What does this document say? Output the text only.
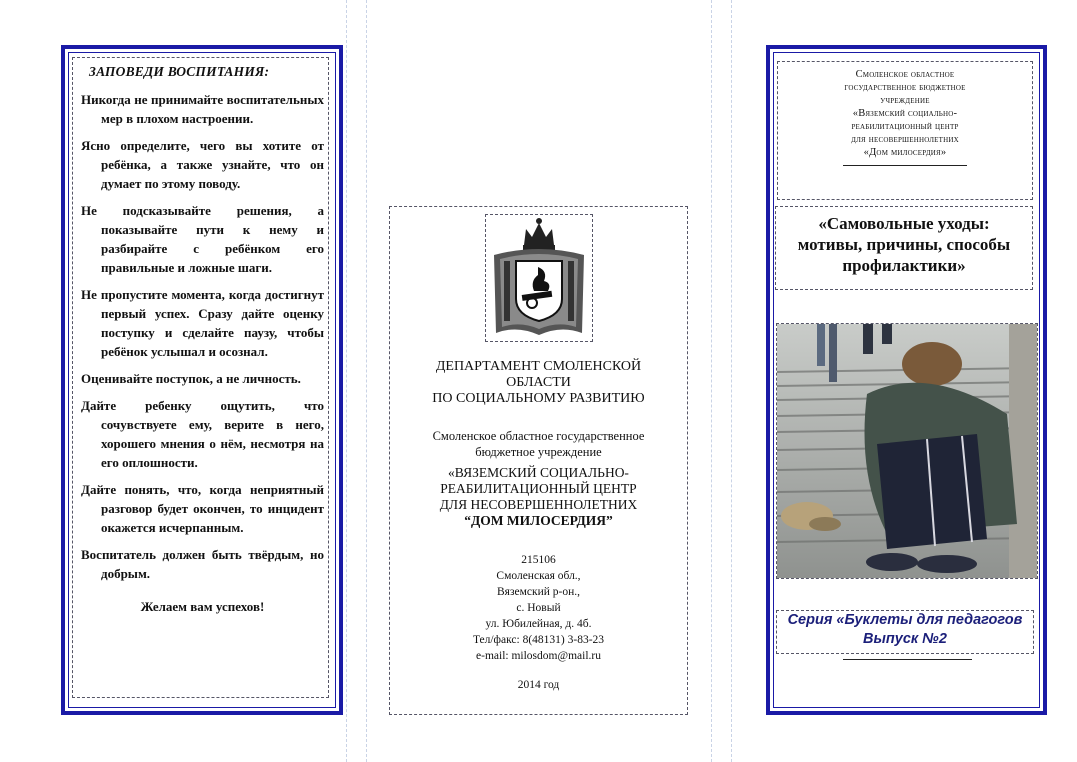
ЗАПОВЕДИ ВОСПИТАНИЯ:

Никогда не принимайте воспитательных мер в плохом настроении.

Ясно определите, чего вы хотите от ребёнка, а также узнайте, что он думает по этому поводу.

Не подсказывайте решения, а показывайте пути к нему и разбирайте с ребёнком его правильные и ложные шаги.

Не пропустите момента, когда достигнут первый успех. Сразу дайте оценку поступку и сделайте паузу, чтобы ребёнок услышал и осознал.

Оценивайте поступок, а не личность.

Дайте ребенку ощутить, что сочувствуете ему, верите в него, хорошего мнения о нём, несмотря на его оплошности.

Дайте понять, что, когда неприятный разговор будет окончен, то инцидент окажется исчерпанным.

Воспитатель должен быть твёрдым, но добрым.

Желаем вам успехов!
ДЕПАРТАМЕНТ СМОЛЕНСКОЙ
ОБЛАСТИ
ПО СОЦИАЛЬНОМУ РАЗВИТИЮ
Смоленское областное государственное
бюджетное учреждение
«ВЯЗЕМСКИЙ СОЦИАЛЬНО-
РЕАБИЛИТАЦИОННЫЙ ЦЕНТР
ДЛЯ НЕСОВЕРШЕННОЛЕТНИХ
“ДОМ МИЛОСЕРДИЯ”
215106
Смоленская обл.,
Вяземский р-он.,
с. Новый
ул. Юбилейная, д. 4б.
Тел/факс: 8(48131) 3-83-23
e-mail: milosdom@mail.ru
2014 год
Смоленское областное
государственное бюджетное
учреждение
«Вяземский социально-
реабилитационный центр
для несовершеннолетних
«Дом милосердия»
«Самовольные уходы:
мотивы, причины, способы
профилактики»
Серия «Буклеты для педагогов
Выпуск №2
